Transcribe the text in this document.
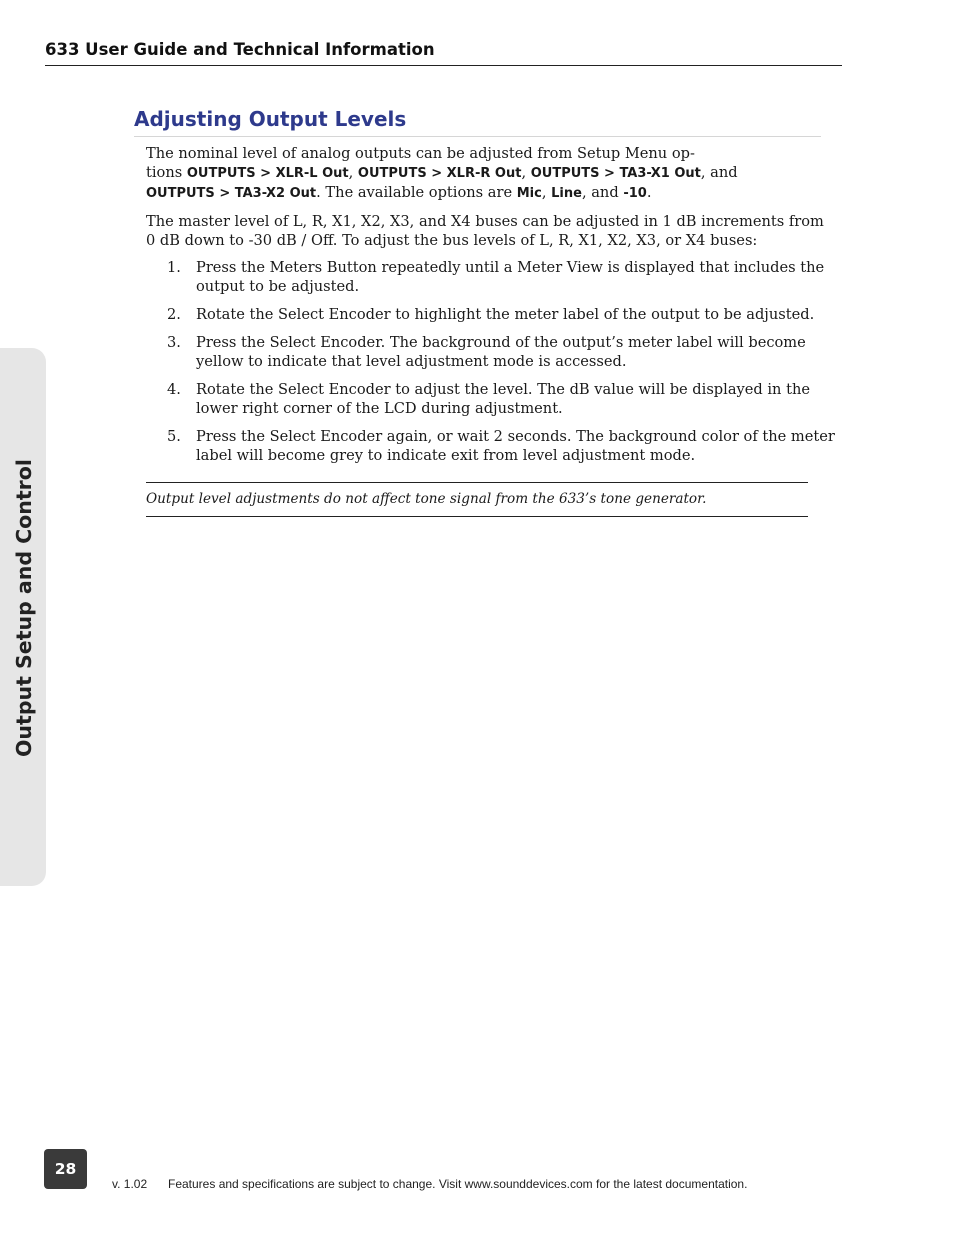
633 User Guide and Technical Information
Output Setup and Control
Adjusting Output Levels

The nominal level of analog outputs can be adjusted from Setup Menu op-
tions OUTPUTS > XLR-L Out, OUTPUTS > XLR-R Out, OUTPUTS > TA3-X1 Out, and
OUTPUTS > TA3-X2 Out. The available options are Mic, Line, and -10.

The master level of L, R, X1, X2, X3, and X4 buses can be adjusted in 1 dB increments from 0 dB down to -30 dB / Off. To adjust the bus levels of L, R, X1, X2, X3, or X4 buses:

1. Press the Meters Button repeatedly until a Meter View is displayed that includes the output to be adjusted.
2. Rotate the Select Encoder to highlight the meter label of the output to be adjusted.
3. Press the Select Encoder. The background of the output’s meter label will become yellow to indicate that level adjustment mode is accessed.
4. Rotate the Select Encoder to adjust the level. The dB value will be displayed in the lower right corner of the LCD during adjustment.
5. Press the Select Encoder again, or wait 2 seconds. The background color of the meter label will become grey to indicate exit from level adjustment mode.

Output level adjustments do not affect tone signal from the 633’s tone generator.

28
v. 1.02 Features and specifications are subject to change. Visit www.sounddevices.com for the latest documentation.
